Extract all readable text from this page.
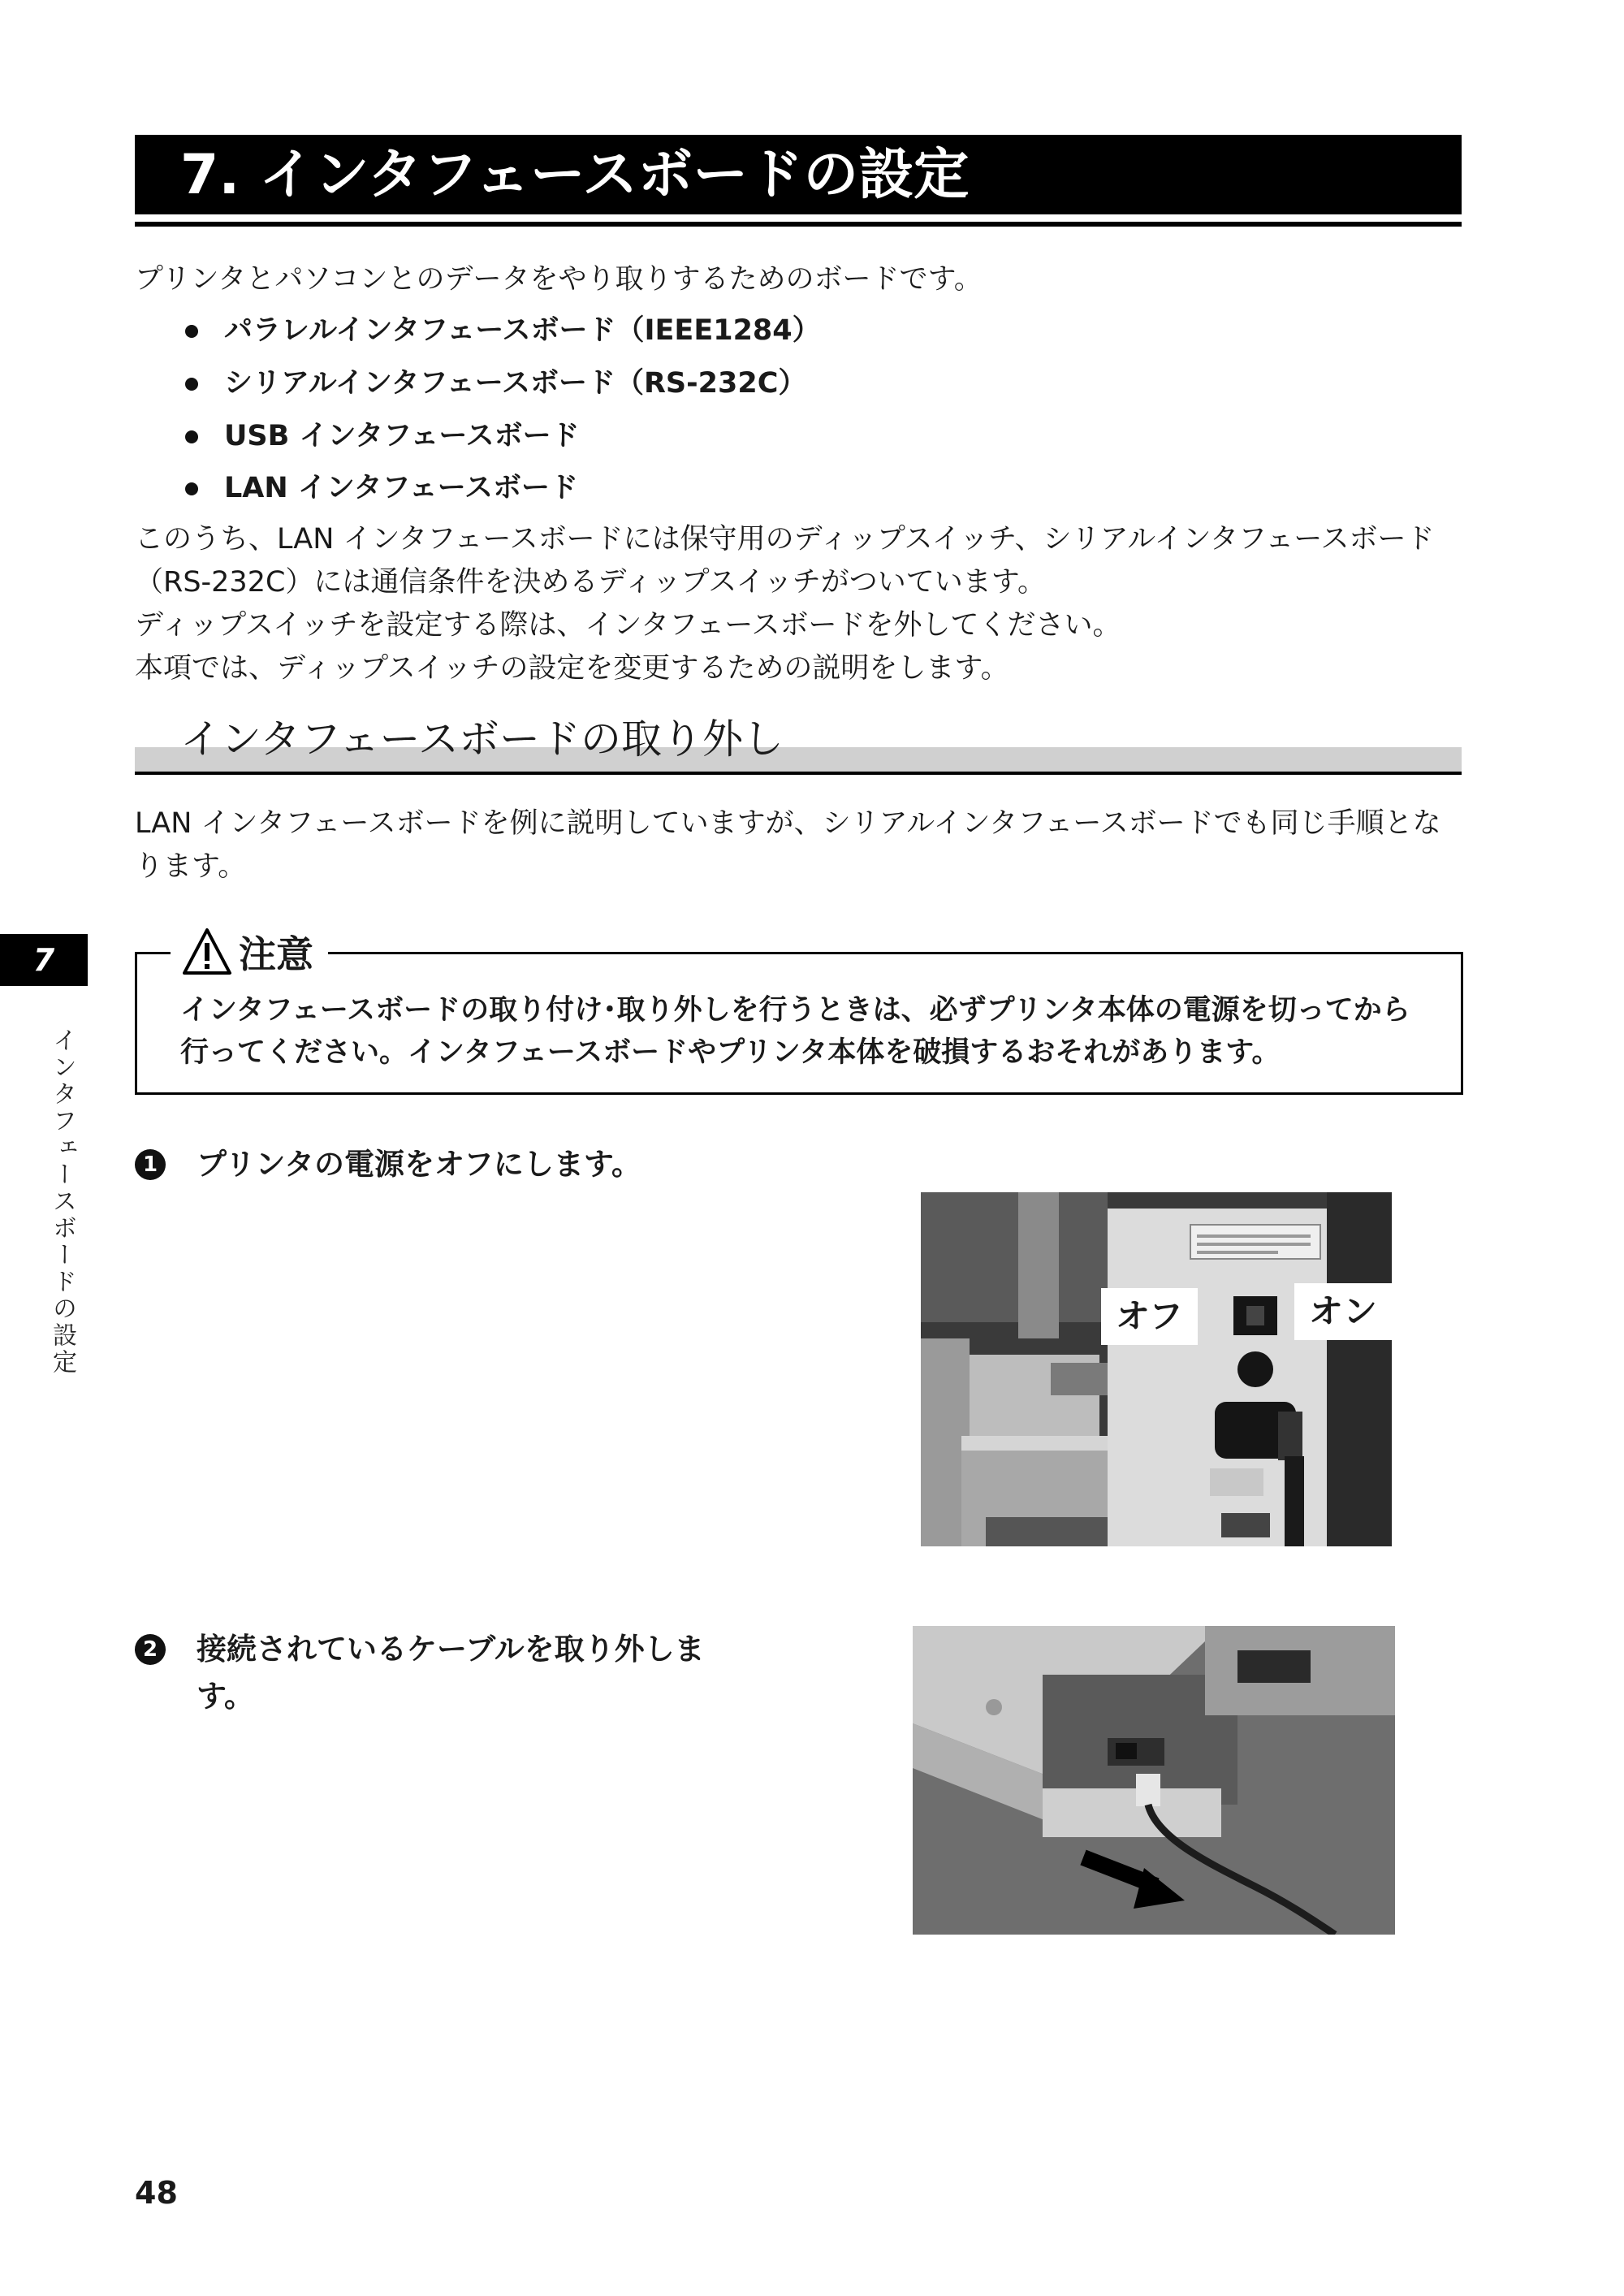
7. インタフェースボードの設定
プリンタとパソコンとのデータをやり取りするためのボードです。
パラレルインタフェースボード（IEEE1284）
シリアルインタフェースボード（RS-232C）
USB インタフェースボード
LAN インタフェースボード
このうち、LAN インタフェースボードには保守用のディップスイッチ、シリアルインタフェースボード
（RS-232C）には通信条件を決めるディップスイッチがついています。
ディップスイッチを設定する際は、インタフェースボードを外してください。
本項では、ディップスイッチの設定を変更するための説明をします。
インタフェースボードの取り外し
LAN インタフェースボードを例に説明していますが、シリアルインタフェースボードでも同じ手順とな
ります。
7
インタフェースボードの設定
注意
インタフェースボードの取り付け･取り外しを行うときは、必ずプリンタ本体の電源を切ってから
行ってください。インタフェースボードやプリンタ本体を破損するおそれがあります。
1 プリンタの電源をオフにします。
オフ	オン
2 接続されているケーブルを取り外しま
す。
48
